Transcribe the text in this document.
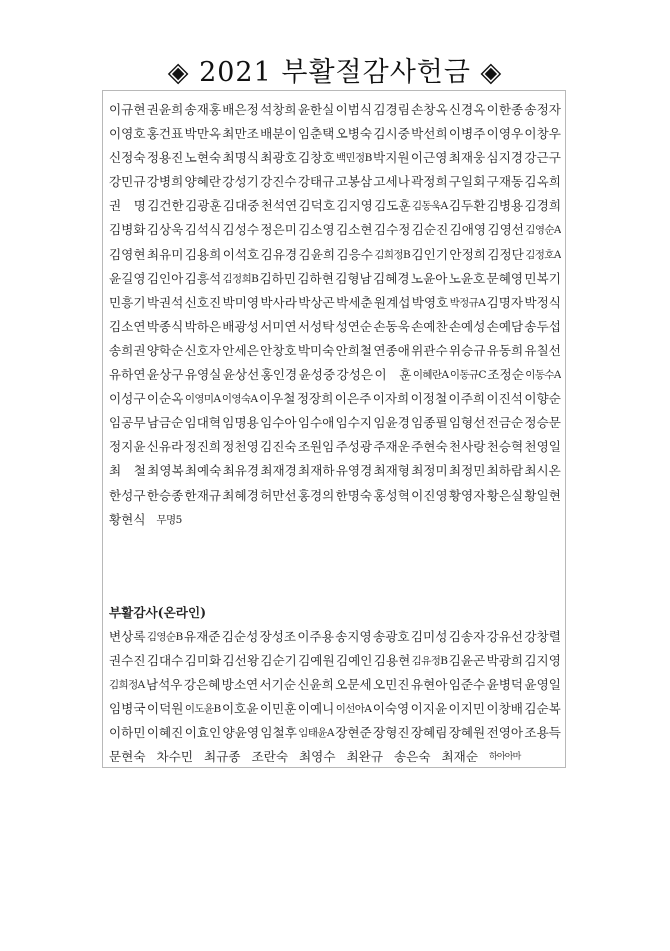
◈ 2021 부활절감사헌금 ◈
이규현 권윤희 송재홍 배은정 석창희 윤한실 이범식 김경림 손창옥 신경옥 이한종 송정자
이영호 홍건표 박만옥 최만조 배분이 임춘택 오병숙 김시중 박선희 이병주 이영우 이창우
신정숙 정용진 노현숙 최명식 최광호 김창호 백민정B 박지원 이근영 최재웅 심지경 강근구
강민규 강병희 양혜란 강성기 강진수 강태규 고봉삼 고세나 곽정희 구일회 구재동 김옥희
권　명 김건한 김광훈 김대중 천석연 김덕호 김지영 김도훈 김동욱A 김두환 김병용 김경희
김병화 김상욱 김석식 김성수 정은미 김소영 김소현 김수정 김순진 김애영 김영선 김영순A
김영현 최유미 김용희 이석호 김유경 김윤희 김응수 김희정B 김인기 안정희 김정단 김정호A
윤길영 김인아 김흥석 김정희B 김하민 김하현 김형남 김혜경 노윤아 노윤호 문혜영 민복기
민흥기 박권석 신호진 박미영 박사라 박상곤 박세춘 원계섭 박영호 박정규A 김명자 박정식
김소연 박종식 박하은 배광성 서미연 서성탁 성연순 손동욱 손예찬 손예성 손예담 송두섭
송희권 양학순 신호자 안세은 안창호 박미숙 안희철 연종애 위관수 위승규 유동희 유칠선
유하연 윤상구 유영실 윤상선 홍인경 윤성중 강성은 이　훈 이혜란A 이동규C 조정순 이동수A
이성구 이순옥 이영미A 이영숙A 이우철 정장희 이은주 이자희 이정철 이주희 이진석 이향순
임공무 남금순 임대혁 임명용 임수아 임수애 임수지 임윤경 임종필 임형선 전금순 정승문
정지윤 신유라 정진희 정천영 김진숙 조원임 주성광 주재운 주현숙 천사랑 천승혁 천영일
최　철 최영복 최예숙 최유경 최재경 최재하 유영경 최재형 최정미 최정민 최하람 최시온
한성구 한승종 한재규 최혜경 허만선 홍경의 한명숙 홍성혁 이진영 황영자 황은실 황일현
황현식 무명5
부활감사(온라인)
변상록 김영순B 유재준 김순성 장성조 이주용 송지영 송광호 김미성 김송자 강유선 강창렬
권수진 김대수 김미화 김선왕 김순기 김예원 김예인 김용현 김유정B 김윤곤 박광희 김지영
김희정A 남석우 강은혜 방소연 서기순 신윤희 오문세 오민진 유현아 임준수 윤병덕 윤영일
임병국 이덕원 이도윤B 이호윤 이민훈 이예니 이선아A 이숙영 이지윤 이지민 이창배 김순복
이하민 이혜진 이효인 양윤영 임철후 임태윤A 장현준 장형진 장혜림 장혜원 전영아 조용득
문현숙 차수민 최규종 조란숙 최영수 최완규 송은숙 최재순 하아아마
